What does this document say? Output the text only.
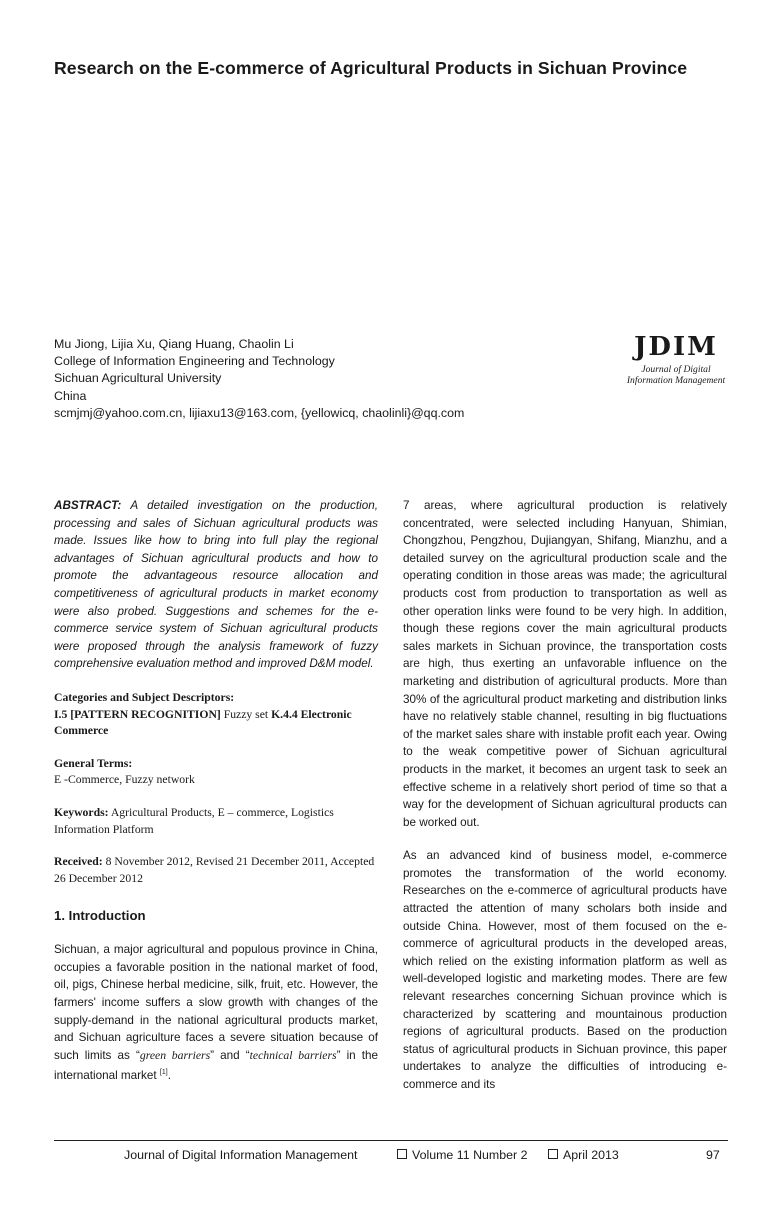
Research on the E-commerce of Agricultural Products in Sichuan Province
Mu Jiong, Lijia Xu, Qiang Huang, Chaolin Li
College of Information Engineering and Technology
Sichuan Agricultural University
China
scmjmj@yahoo.com.cn, lijiaxu13@163.com, {yellowicq, chaolinli}@qq.com
JDIM
Journal of Digital
Information Management

ABSTRACT: A detailed investigation on the production, processing and sales of Sichuan agricultural products was made. Issues like how to bring into full play the regional advantages of Sichuan agricultural products and how to promote the advantageous resource allocation and competitiveness of agricultural products in market economy were also probed. Suggestions and schemes for the e-commerce service system of Sichuan agricultural products were proposed through the analysis framework of fuzzy comprehensive evaluation method and improved D&M model.

Categories and Subject Descriptors:
I.5 [PATTERN RECOGNITION] Fuzzy set K.4.4 Electronic Commerce
General Terms:
E -Commerce, Fuzzy network
Keywords: Agricultural Products, E – commerce, Logistics Information Platform
Received: 8 November 2012, Revised 21 December 2011, Accepted 26 December 2012
1. Introduction

Sichuan, a major agricultural and populous province in China, occupies a favorable position in the national market of food, oil, pigs, Chinese herbal medicine, silk, fruit, etc. However, the farmers' income suffers a slow growth with changes of the supply-demand in the national agricultural products market, and Sichuan agriculture faces a severe situation because of such limits as “green barriers” and “technical barriers” in the international market [1].

7 areas, where agricultural production is relatively concentrated, were selected including Hanyuan, Shimian, Chongzhou, Pengzhou, Dujiangyan, Shifang, Mianzhu, and a detailed survey on the agricultural production scale and the operating condition in those areas was made; the agricultural products cost from production to transportation as well as other operation links were found to be very high. In addition, though these regions cover the main agricultural products sales markets in Sichuan province, the transportation costs are high, thus exerting an unfavorable influence on the marketing and distribution of agricultural products. More than 30% of the agricultural product marketing and distribution links have no relatively stable channel, resulting in big fluctuations of the market sales share with instable profit each year. Owing to the weak competitive power of Sichuan agricultural products in the market, it becomes an urgent task to seek an effective scheme in a relatively short period of time so that a way for the development of Sichuan agricultural products can be worked out.

As an advanced kind of business model, e-commerce promotes the transformation of the world economy. Researches on the e-commerce of agricultural products have attracted the attention of many scholars both inside and outside China. However, most of them focused on the e-commerce of agricultural products in the developed areas, which relied on the existing information platform as well as well-developed logistic and marketing modes. There are few relevant researches concerning Sichuan province which is characterized by scattering and mountainous production regions of agricultural products. Based on the production status of agricultural products in Sichuan province, this paper undertakes to analyze the difficulties of introducing e-commerce and its

Journal of Digital Information Management	Volume 11 Number 2	April 2013	97
